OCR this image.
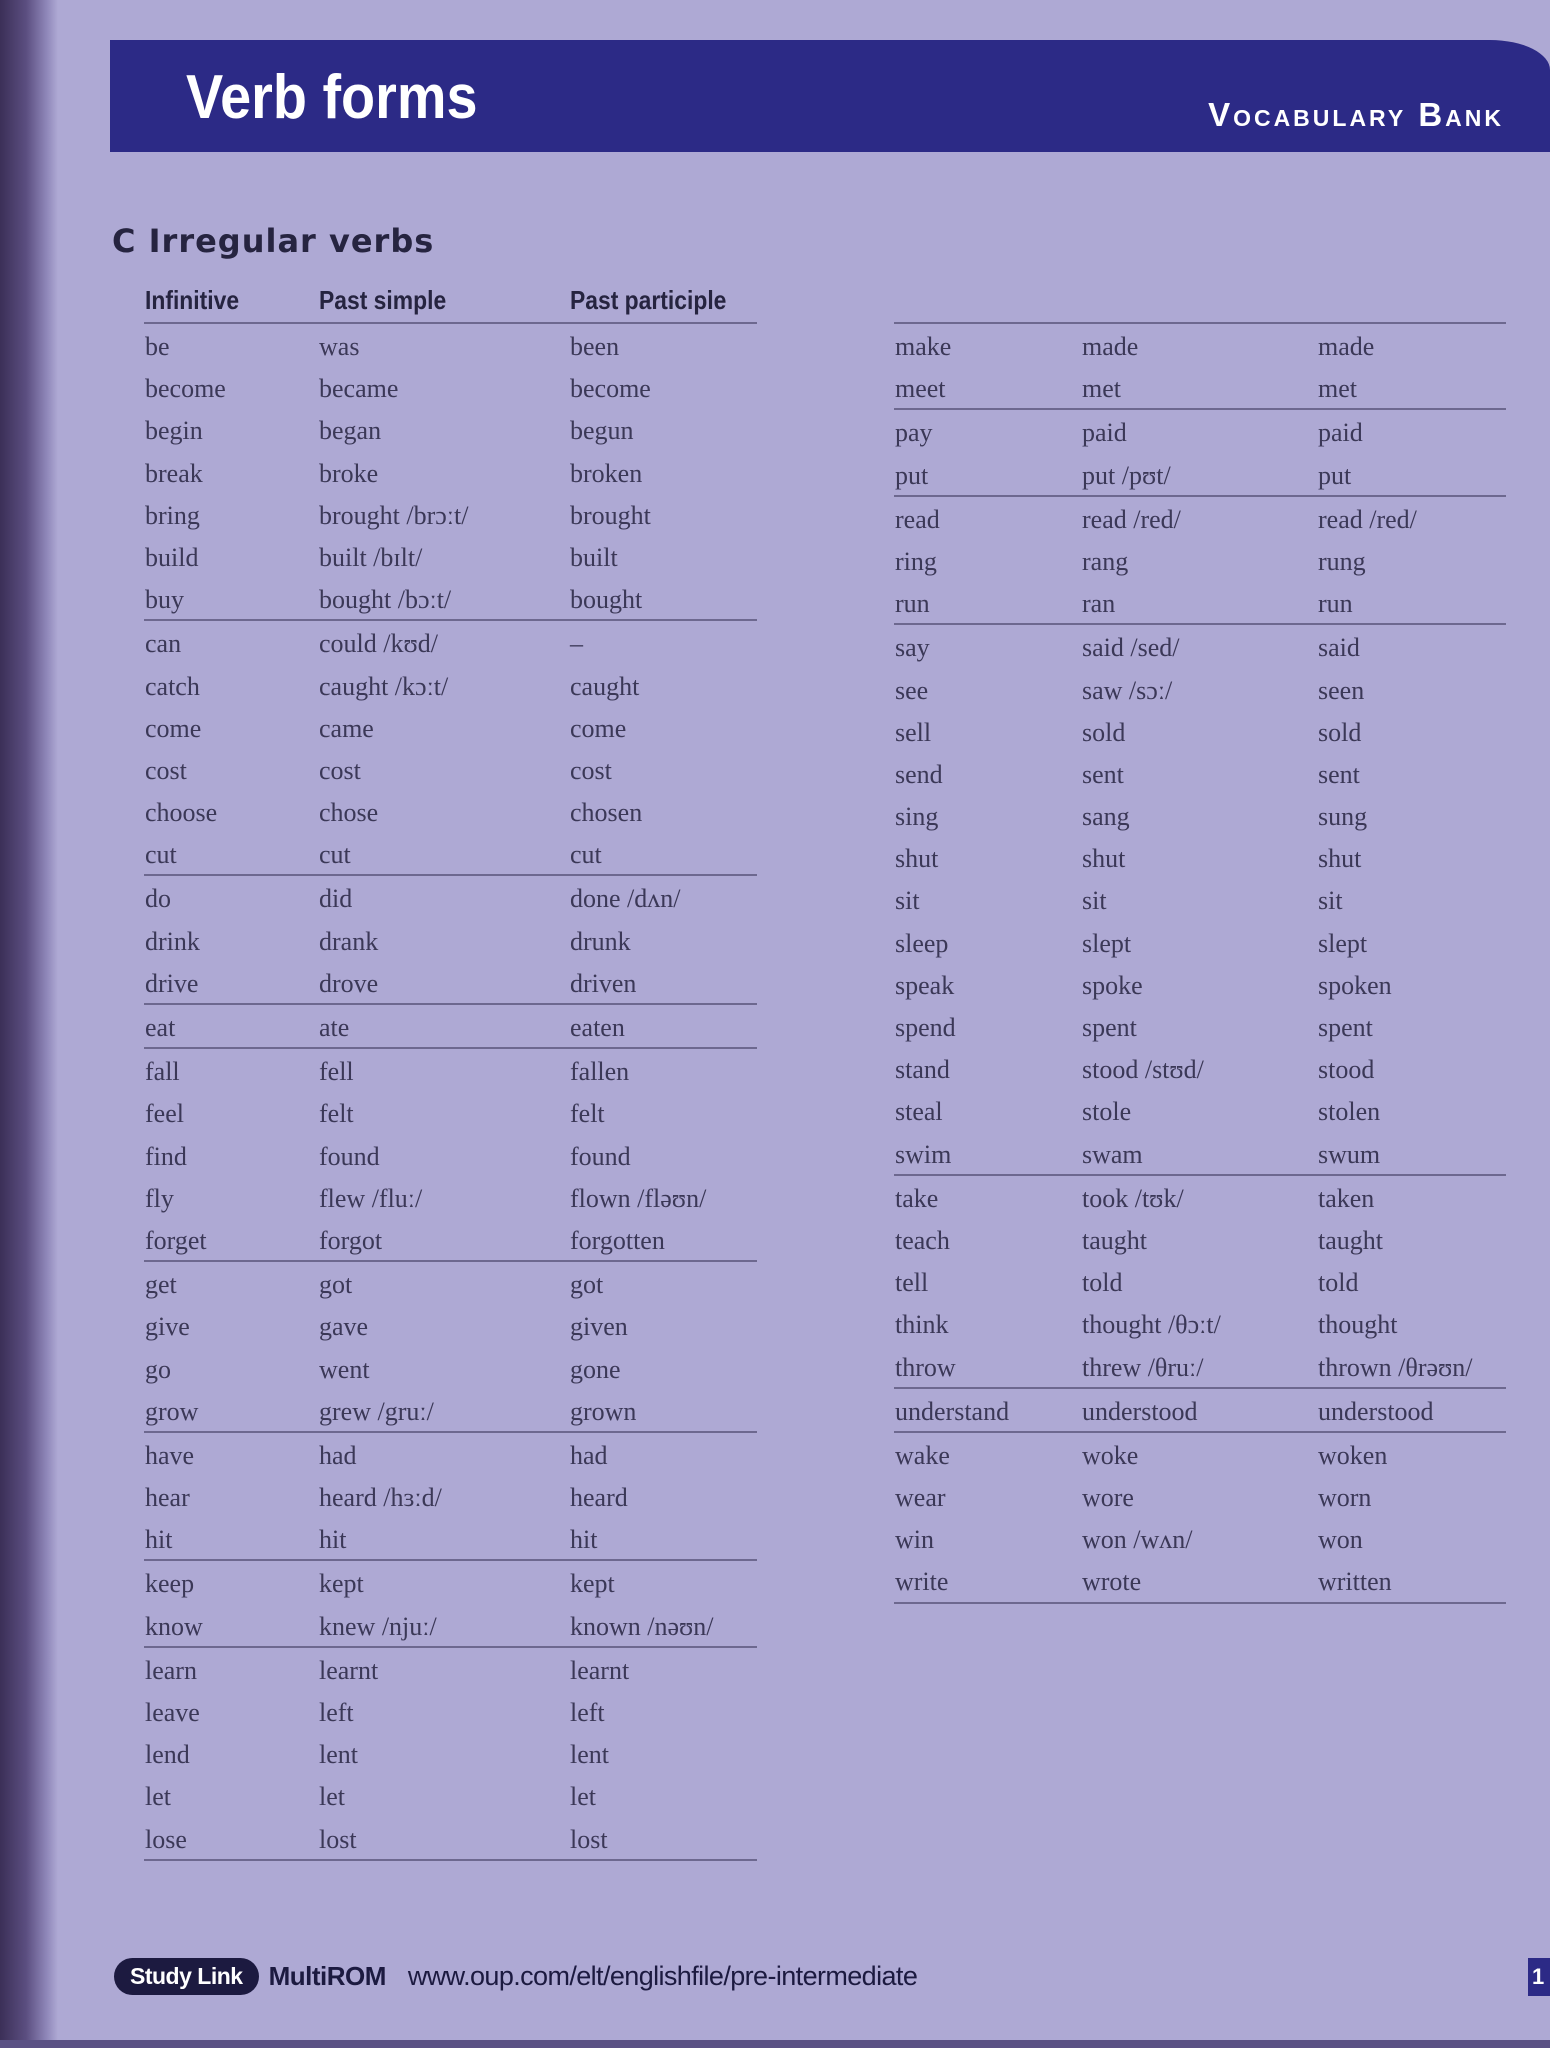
Verb forms	Vocabulary Bank
C Irregular verbs
Infinitive	Past simple	Past participle
be	was	been
become	became	become
begin	began	begun
break	broke	broken
bring	brought /brɔːt/	brought
build	built /bɪlt/	built
buy	bought /bɔːt/	bought
can	could /kʊd/	–
catch	caught /kɔːt/	caught
come	came	come
cost	cost	cost
choose	chose	chosen
cut	cut	cut
do	did	done /dʌn/
drink	drank	drunk
drive	drove	driven
eat	ate	eaten
fall	fell	fallen
feel	felt	felt
find	found	found
fly	flew /fluː/	flown /fləʊn/
forget	forgot	forgotten
get	got	got
give	gave	given
go	went	gone
grow	grew /gruː/	grown
have	had	had
hear	heard /hɜːd/	heard
hit	hit	hit
keep	kept	kept
know	knew /njuː/	known /nəʊn/
learn	learnt	learnt
leave	left	left
lend	lent	lent
let	let	let
lose	lost	lost
make	made	made
meet	met	met
pay	paid	paid
put	put /pʊt/	put
read	read /red/	read /red/
ring	rang	rung
run	ran	run
say	said /sed/	said
see	saw /sɔː/	seen
sell	sold	sold
send	sent	sent
sing	sang	sung
shut	shut	shut
sit	sit	sit
sleep	slept	slept
speak	spoke	spoken
spend	spent	spent
stand	stood /stʊd/	stood
steal	stole	stolen
swim	swam	swum
take	took /tʊk/	taken
teach	taught	taught
tell	told	told
think	thought /θɔːt/	thought
throw	threw /θruː/	thrown /θrəʊn/
understand	understood	understood
wake	woke	woken
wear	wore	worn
win	won /wʌn/	won
write	wrote	written
Study Link	MultiROM www.oup.com/elt/englishfile/pre-intermediate	1
